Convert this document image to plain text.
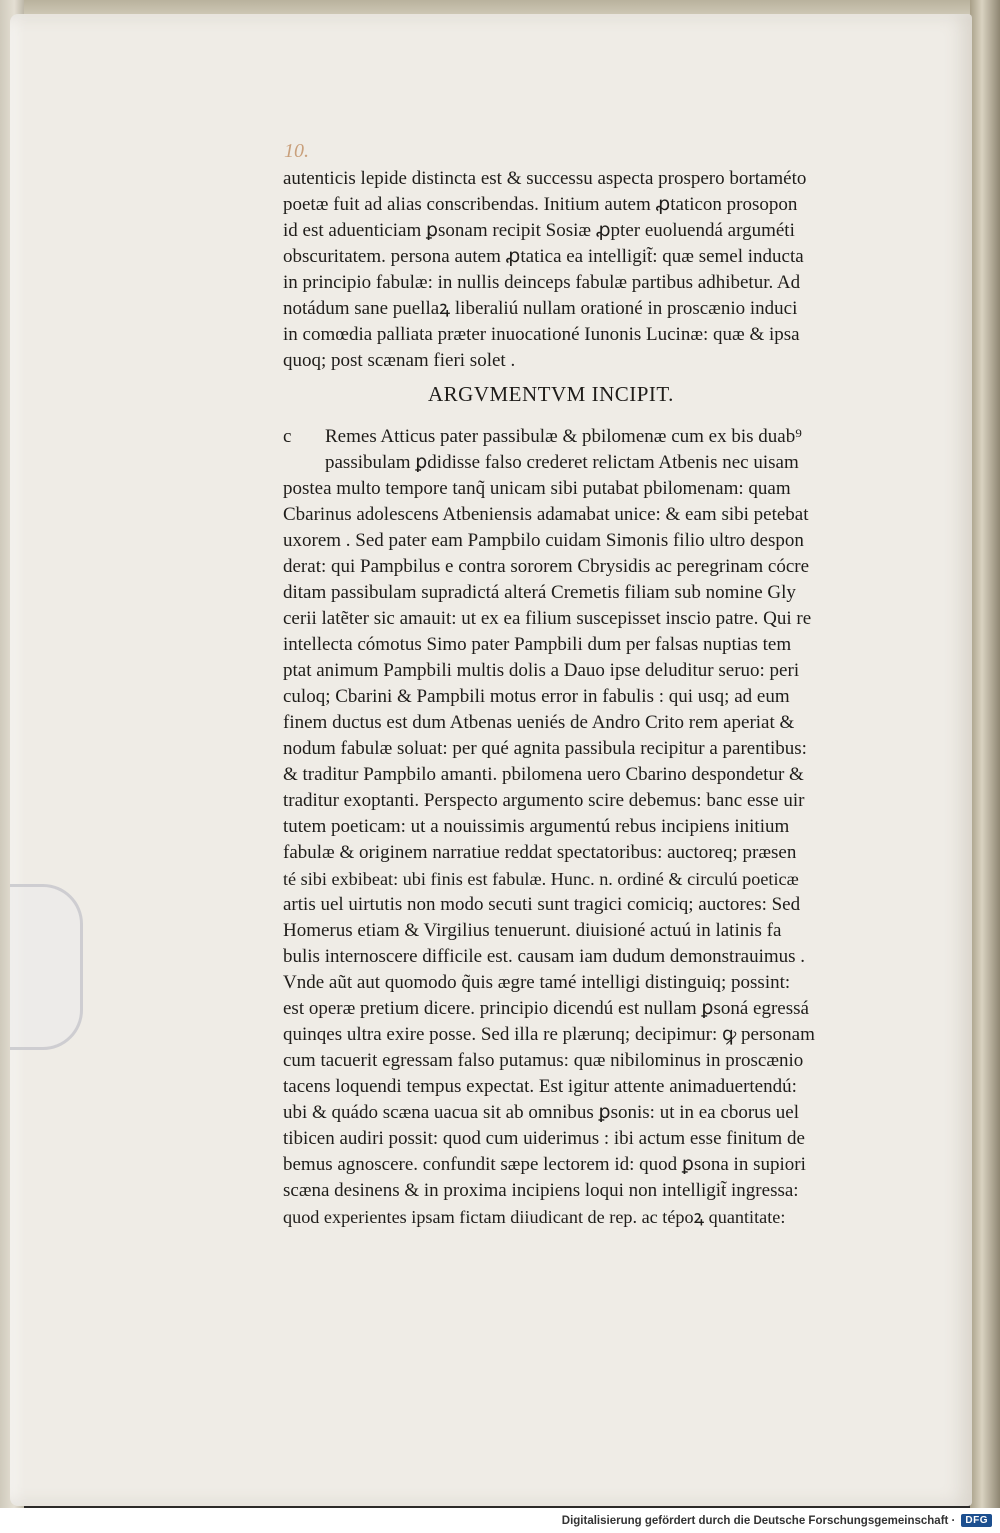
10.
autenticis lepide distincta est & successu aspecta prospero bortaméto
poetæ fuit ad alias conscribendas. Initium autem ꝓtaticon prosopon
id est aduenticiam ꝑsonam recipit Sosiæ ꝓpter euoluendá arguméti
obscuritatem. persona autem ꝓtatica ea intelligit̃: quæ semel inducta
in principio fabulæ: in nullis deinceps fabulæ partibus adhibetur. Ad
notádum sane puellaꝝ liberaliú nullam orationé in proscænio induci
in comœdia palliata præter inuocationé Iunonis Lucinæ: quæ & ipsa
quoq; post scænam fieri solet .
ARGVMENTVM INCIPIT.
c	Remes Atticus pater passibulæ & pbilomenæ cum ex bis duab⁹
passibulam ꝑdidisse falso crederet relictam Atbenis nec uisam
postea multo tempore tanq̃ unicam sibi putabat pbilomenam: quam
Cbarinus adolescens Atbeniensis adamabat unice: & eam sibi petebat
uxorem . Sed pater eam Pampbilo cuidam Simonis filio ultro despon
derat: qui Pampbilus e contra sororem Cbrysidis ac peregrinam cócre
ditam passibulam supradictá alterá Cremetis filiam sub nomine Gly
cerii latẽter sic amauit: ut ex ea filium suscepisset inscio patre. Qui re
intellecta cómotus Simo pater Pampbili dum per falsas nuptias tem
ptat animum Pampbili multis dolis a Dauo ipse deluditur seruo: peri
culoq; Cbarini & Pampbili motus error in fabulis : qui usq; ad eum
finem ductus est dum Atbenas ueniés de Andro Crito rem aperiat &
nodum fabulæ soluat: per qué agnita passibula recipitur a parentibus:
& traditur Pampbilo amanti. pbilomena uero Cbarino despondetur &
traditur exoptanti. Perspecto argumento scire debemus: banc esse uir
tutem poeticam: ut a nouissimis argumentú rebus incipiens initium
fabulæ & originem narratiue reddat spectatoribus: auctoreq; præsen
té sibi exbibeat: ubi finis est fabulæ. Hunc. n. ordiné & circulú poeticæ
artis uel uirtutis non modo secuti sunt tragici comiciq; auctores: Sed
Homerus etiam & Virgilius tenuerunt. diuisioné actuú in latinis fa
bulis internoscere difficile est. causam iam dudum demonstrauimus .
Vnde aũt aut quomodo q̃uis ægre tamé intelligi distinguiq; possint:
est operæ pretium dicere. principio dicendú est nullam ꝑsoná egressá
quinqes ultra exire posse. Sed illa re plærunq; decipimur: ꝙ personam
cum tacuerit egressam falso putamus: quæ nibilominus in proscænio
tacens loquendi tempus expectat. Est igitur attente animaduertendú:
ubi & quádo scæna uacua sit ab omnibus ꝑsonis: ut in ea cborus uel
tibicen audiri possit: quod cum uiderimus : ibi actum esse finitum de
bemus agnoscere. confundit sæpe lectorem id: quod ꝑsona in supiori
scæna desinens & in proxima incipiens loqui non intelligit̃ ingressa:
quod experientes ipsam fictam diiudicant de rep. ac tépoꝝ quantitate:
Digitalisierung gefördert durch die Deutsche Forschungsgemeinschaft ·	DFG
